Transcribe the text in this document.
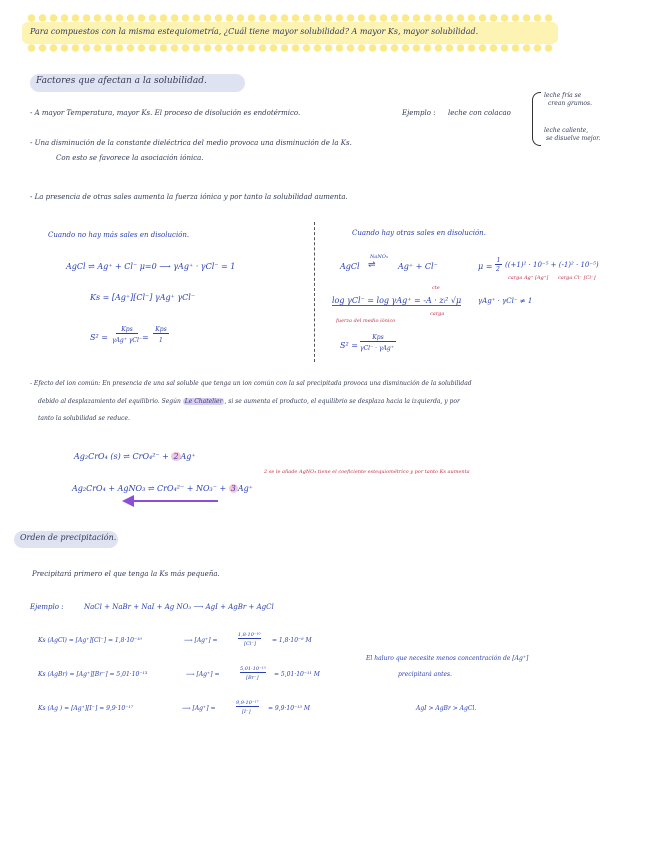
Para compuestos con la misma estequiometría, ¿Cuál tiene mayor solubilidad? A mayor Ks, mayor solubilidad.
Factores que afectan a la solubilidad.
- A mayor Temperatura, mayor Ks. El proceso de disolución es endotérmico.	Ejemplo : leche con colacao
leche fría se
crean grumos.
leche caliente,
se disuelve mejor.
- Una disminución de la constante dieléctrica del medio provoca una disminución de la Ks.
Con esto se favorece la asociación iónica.
- La presencia de otras sales aumenta la fuerza iónica y por tanto la solubilidad aumenta.
Cuando no hay más sales en disolución.
AgCl ⇌ Ag⁺ + Cl⁻ μ=0 ⟶ γAg⁺ · γCl⁻ = 1
Ks = [Ag⁺][Cl⁻] γAg⁺ γCl⁻
S² =
Kps
γAg⁺ γCl⁻ =
Kps
1
Cuando hay otras sales en disolución.
AgCl
NaNO₃
⇌	Ag⁺ + Cl⁻	μ =
1
2
((+1)² · 10⁻⁵ + (-1)² · 10⁻⁵)
carga Ag⁺ [Ag⁺] carga Cl⁻ [Cl⁻]
cte
log γCl⁻ = log γAg⁺ = -A · zᵢ² √μ
carga
fuerza del medio iónico
γAg⁺ · γCl⁻ ≠ 1
S² =
Kps
γCl⁻ · γAg⁺
- Efecto del ion común: En presencia de una sal soluble que tenga un ion común con la sal precipitada provoca una disminución de la solubilidad
debido al desplazamiento del equilibrio. Según Le Chatelier , si se aumenta el producto, el equilibrio se desplaza hacia la izquierda, y por
tanto la solubilidad se reduce.
Ag₂CrO₄ (s) ⇌ CrO₄²⁻ + 2 Ag⁺
2 se le añade AgNO₃ tiene el coeficiente estequiométrico y por tanto Ks aumenta
Ag₂CrO₄ + AgNO₃ ⇌ CrO₄²⁻ + NO₃⁻ + 3 Ag⁺
Orden de precipitación.
Precipitará primero el que tenga la Ks más pequeña.
Ejemplo :	NaCl + NaBr + NaI + Ag NO₃ ⟶ AgI + AgBr + AgCl
Ks (AgCl) = [Ag⁺][Cl⁻] = 1,8·10⁻¹⁰	⟶ [Ag⁺] =
1,8·10⁻¹⁰
[Cl⁻]	= 1,8·10⁻⁸ M
Ks (AgBr) = [Ag⁺][Br⁻] = 5,01·10⁻¹³	⟶ [Ag⁺] =
5,01·10⁻¹³
[Br⁻]	= 5,01·10⁻¹¹ M
Ks (Ag ) = [Ag⁺][I⁻] = 9,9·10⁻¹⁷	⟶ [Ag⁺] =
9,9·10⁻¹⁷
[I⁻]	= 9,9·10⁻¹⁵ M
El haluro que necesite menos concentración de [Ag⁺]
precipitará antes.
AgI > AgBr > AgCl.
